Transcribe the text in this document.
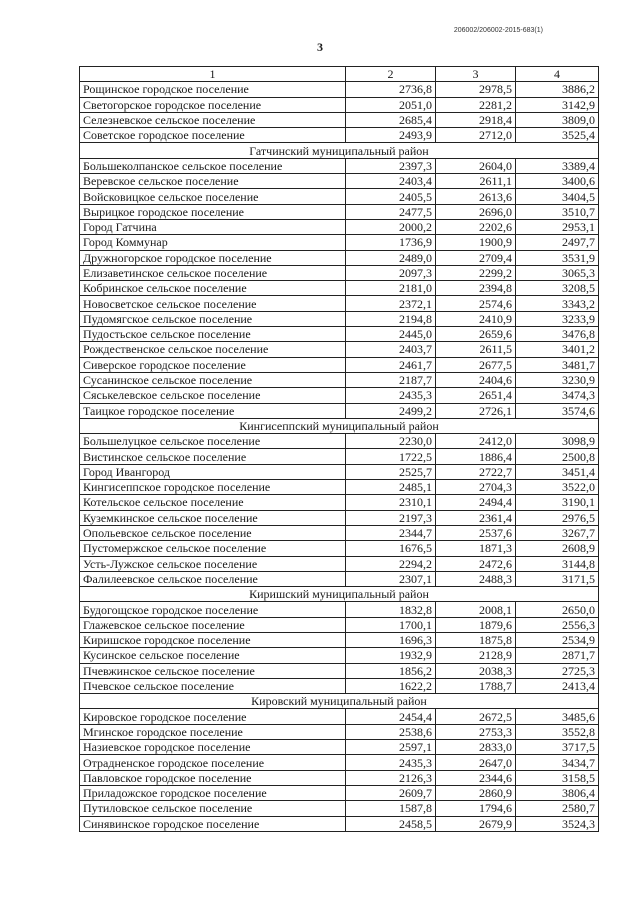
206002/206002-2015-683(1)
3
1	2	3	4
Рощинское городское поселение	2736,8	2978,5	3886,2
Светогорское городское поселение	2051,0	2281,2	3142,9
Селезневское сельское поселение	2685,4	2918,4	3809,0
Советское городское поселение	2493,9	2712,0	3525,4
Гатчинский муниципальный район			
Большеколпанское сельское поселение	2397,3	2604,0	3389,4
Веревское сельское поселение	2403,4	2611,1	3400,6
Войсковицкое сельское поселение	2405,5	2613,6	3404,5
Вырицкое городское поселение	2477,5	2696,0	3510,7
Город Гатчина	2000,2	2202,6	2953,1
Город Коммунар	1736,9	1900,9	2497,7
Дружногорское городское поселение	2489,0	2709,4	3531,9
Елизаветинское сельское поселение	2097,3	2299,2	3065,3
Кобринское сельское поселение	2181,0	2394,8	3208,5
Новосветское сельское поселение	2372,1	2574,6	3343,2
Пудомягское сельское поселение	2194,8	2410,9	3233,9
Пудостьское сельское поселение	2445,0	2659,6	3476,8
Рождественское сельское поселение	2403,7	2611,5	3401,2
Сиверское городское поселение	2461,7	2677,5	3481,7
Сусанинское сельское поселение	2187,7	2404,6	3230,9
Сяськелевское сельское поселение	2435,3	2651,4	3474,3
Таицкое городское поселение	2499,2	2726,1	3574,6
Кингисеппский муниципальный район			
Большелуцкое сельское поселение	2230,0	2412,0	3098,9
Вистинское сельское поселение	1722,5	1886,4	2500,8
Город Ивангород	2525,7	2722,7	3451,4
Кингисеппское городское поселение	2485,1	2704,3	3522,0
Котельское сельское поселение	2310,1	2494,4	3190,1
Куземкинское сельское поселение	2197,3	2361,4	2976,5
Опольевское сельское поселение	2344,7	2537,6	3267,7
Пустомержское сельское поселение	1676,5	1871,3	2608,9
Усть-Лужское сельское поселение	2294,2	2472,6	3144,8
Фалилеевское сельское поселение	2307,1	2488,3	3171,5
Киришский муниципальный район			
Будогощское городское поселение	1832,8	2008,1	2650,0
Глажевское сельское поселение	1700,1	1879,6	2556,3
Киришское городское поселение	1696,3	1875,8	2534,9
Кусинское сельское поселение	1932,9	2128,9	2871,7
Пчевжинское сельское поселение	1856,2	2038,3	2725,3
Пчевское сельское поселение	1622,2	1788,7	2413,4
Кировский муниципальный район			
Кировское городское поселение	2454,4	2672,5	3485,6
Мгинское городское поселение	2538,6	2753,3	3552,8
Назиевское городское поселение	2597,1	2833,0	3717,5
Отрадненское городское поселение	2435,3	2647,0	3434,7
Павловское городское поселение	2126,3	2344,6	3158,5
Приладожское городское поселение	2609,7	2860,9	3806,4
Путиловское сельское поселение	1587,8	1794,6	2580,7
Синявинское городское поселение	2458,5	2679,9	3524,3
